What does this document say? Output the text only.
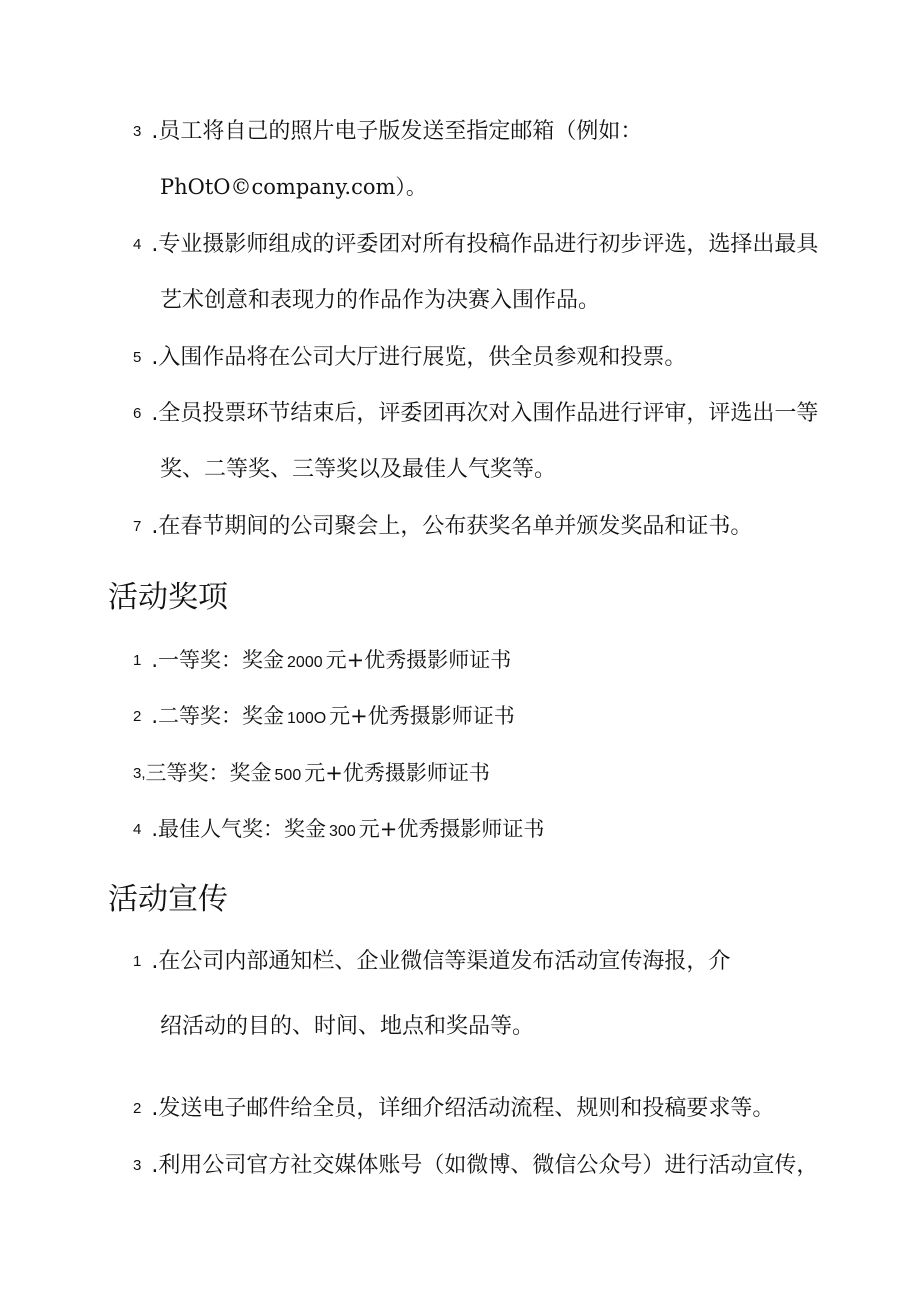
3 .员工将自己的照片电子版发送至指定邮箱（例如：
PhOtO©company.com）。
4 .专业摄影师组成的评委团对所有投稿作品进行初步评选，选择出最具
艺术创意和表现力的作品作为决赛入围作品。
5 .入围作品将在公司大厅进行展览，供全员参观和投票。
6 .全员投票环节结束后，评委团再次对入围作品进行评审，评选出一等
奖、二等奖、三等奖以及最佳人气奖等。
7 .在春节期间的公司聚会上，公布获奖名单并颁发奖品和证书。
活动奖项
1 .一等奖：奖金 2000 元+优秀摄影师证书
2 .二等奖：奖金 100O 元+优秀摄影师证书
3,三等奖：奖金 500 元+优秀摄影师证书
4 .最佳人气奖：奖金 300 元+优秀摄影师证书
活动宣传
1 .在公司内部通知栏、企业微信等渠道发布活动宣传海报，介
绍活动的目的、时间、地点和奖品等。
2 .发送电子邮件给全员，详细介绍活动流程、规则和投稿要求等。
3 .利用公司官方社交媒体账号（如微博、微信公众号）进行活动宣传，
